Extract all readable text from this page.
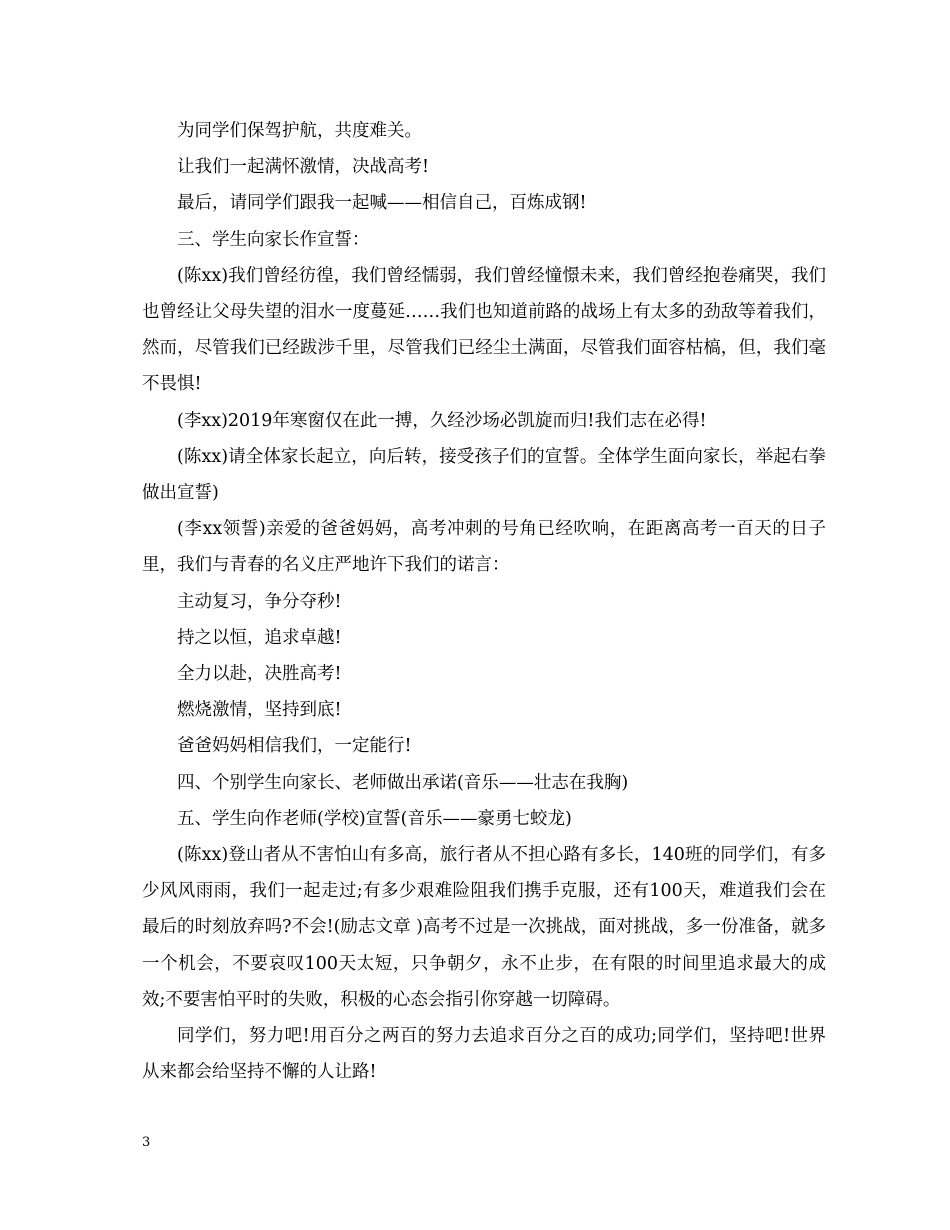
为同学们保驾护航，共度难关。

让我们一起满怀激情，决战高考!

最后，请同学们跟我一起喊——相信自己，百炼成钢!

三、学生向家长作宣誓：

(陈xx)我们曾经彷徨，我们曾经懦弱，我们曾经憧憬未来，我们曾经抱卷痛哭，我们也曾经让父母失望的泪水一度蔓延……我们也知道前路的战场上有太多的劲敌等着我们，然而，尽管我们已经跋涉千里，尽管我们已经尘土满面，尽管我们面容枯槁，但，我们毫不畏惧!

(李xx)2019年寒窗仅在此一搏，久经沙场必凯旋而归!我们志在必得!

(陈xx)请全体家长起立，向后转，接受孩子们的宣誓。全体学生面向家长，举起右拳做出宣誓)

(李xx领誓)亲爱的爸爸妈妈，高考冲刺的号角已经吹响，在距离高考一百天的日子里，我们与青春的名义庄严地许下我们的诺言：

主动复习，争分夺秒!

持之以恒，追求卓越!

全力以赴，决胜高考!

燃烧激情，坚持到底!

爸爸妈妈相信我们，一定能行!

四、个别学生向家长、老师做出承诺(音乐——壮志在我胸)

五、学生向作老师(学校)宣誓(音乐——豪勇七蛟龙)

(陈xx)登山者从不害怕山有多高，旅行者从不担心路有多长，140班的同学们，有多少风风雨雨，我们一起走过;有多少艰难险阻我们携手克服，还有100天，难道我们会在最后的时刻放弃吗?不会!(励志文章 )高考不过是一次挑战，面对挑战，多一份准备，就多一个机会，不要哀叹100天太短，只争朝夕，永不止步，在有限的时间里追求最大的成效;不要害怕平时的失败，积极的心态会指引你穿越一切障碍。

同学们，努力吧!用百分之两百的努力去追求百分之百的成功;同学们，坚持吧!世界从来都会给坚持不懈的人让路!

3
